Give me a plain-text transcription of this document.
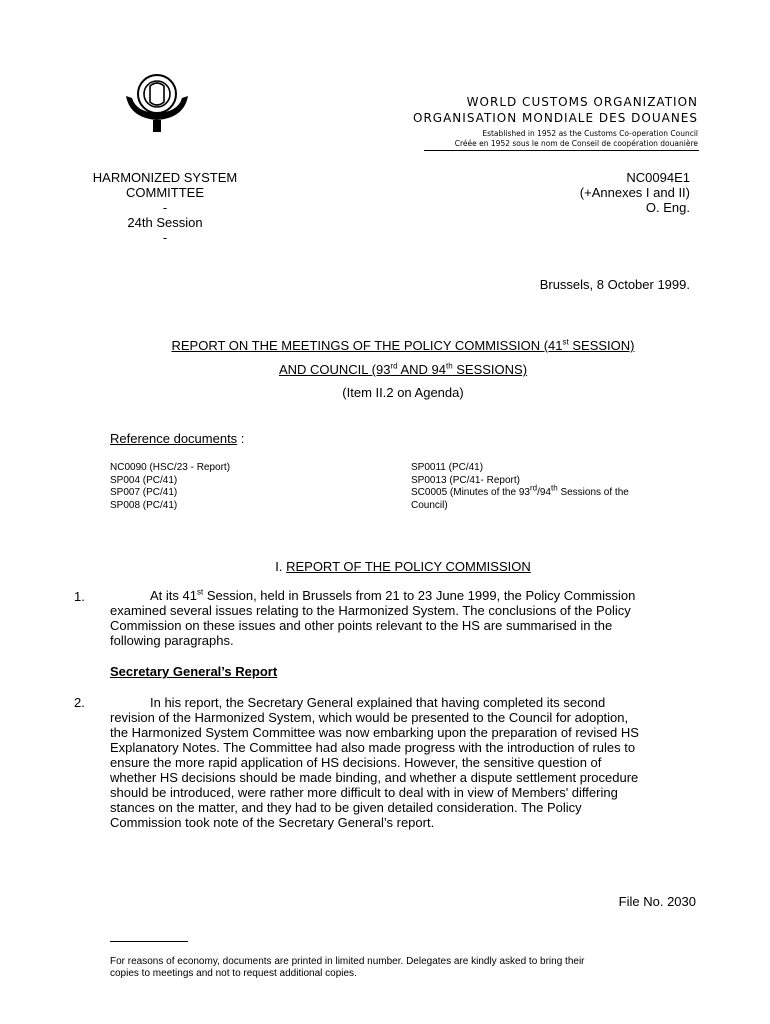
WORLD CUSTOMS ORGANIZATION
ORGANISATION MONDIALE DES DOUANES
Established in 1952 as the Customs Co-operation Council
Créée en 1952 sous le nom de Conseil de coopération douanière
HARMONIZED SYSTEM
COMMITTEE
-
24th Session
-
NC0094E1
(+Annexes I and II)
O. Eng.
Brussels, 8 October 1999.
REPORT ON THE MEETINGS OF THE POLICY COMMISSION (41st SESSION)
AND COUNCIL (93rd AND 94th SESSIONS)
(Item II.2 on Agenda)
Reference documents :
NC0090 (HSC/23 - Report)
SP004 (PC/41)
SP007 (PC/41)
SP008 (PC/41)
SP0011 (PC/41)
SP0013 (PC/41- Report)
SC0005 (Minutes of the 93rd/94th Sessions of the
Council)
I. REPORT OF THE POLICY COMMISSION
1.	At its 41st Session, held in Brussels from 21 to 23 June 1999, the Policy Commission
examined several issues relating to the Harmonized System. The conclusions of the Policy
Commission on these issues and other points relevant to the HS are summarised in the
following paragraphs.
Secretary General’s Report
2.	In his report, the Secretary General explained that having completed its second
revision of the Harmonized System, which would be presented to the Council for adoption,
the Harmonized System Committee was now embarking upon the preparation of revised HS
Explanatory Notes. The Committee had also made progress with the introduction of rules to
ensure the more rapid application of HS decisions. However, the sensitive question of
whether HS decisions should be made binding, and whether a dispute settlement procedure
should be introduced, were rather more difficult to deal with in view of Members' differing
stances on the matter, and they had to be given detailed consideration. The Policy
Commission took note of the Secretary General’s report.
File No. 2030
For reasons of economy, documents are printed in limited number. Delegates are kindly asked to bring their
copies to meetings and not to request additional copies.
